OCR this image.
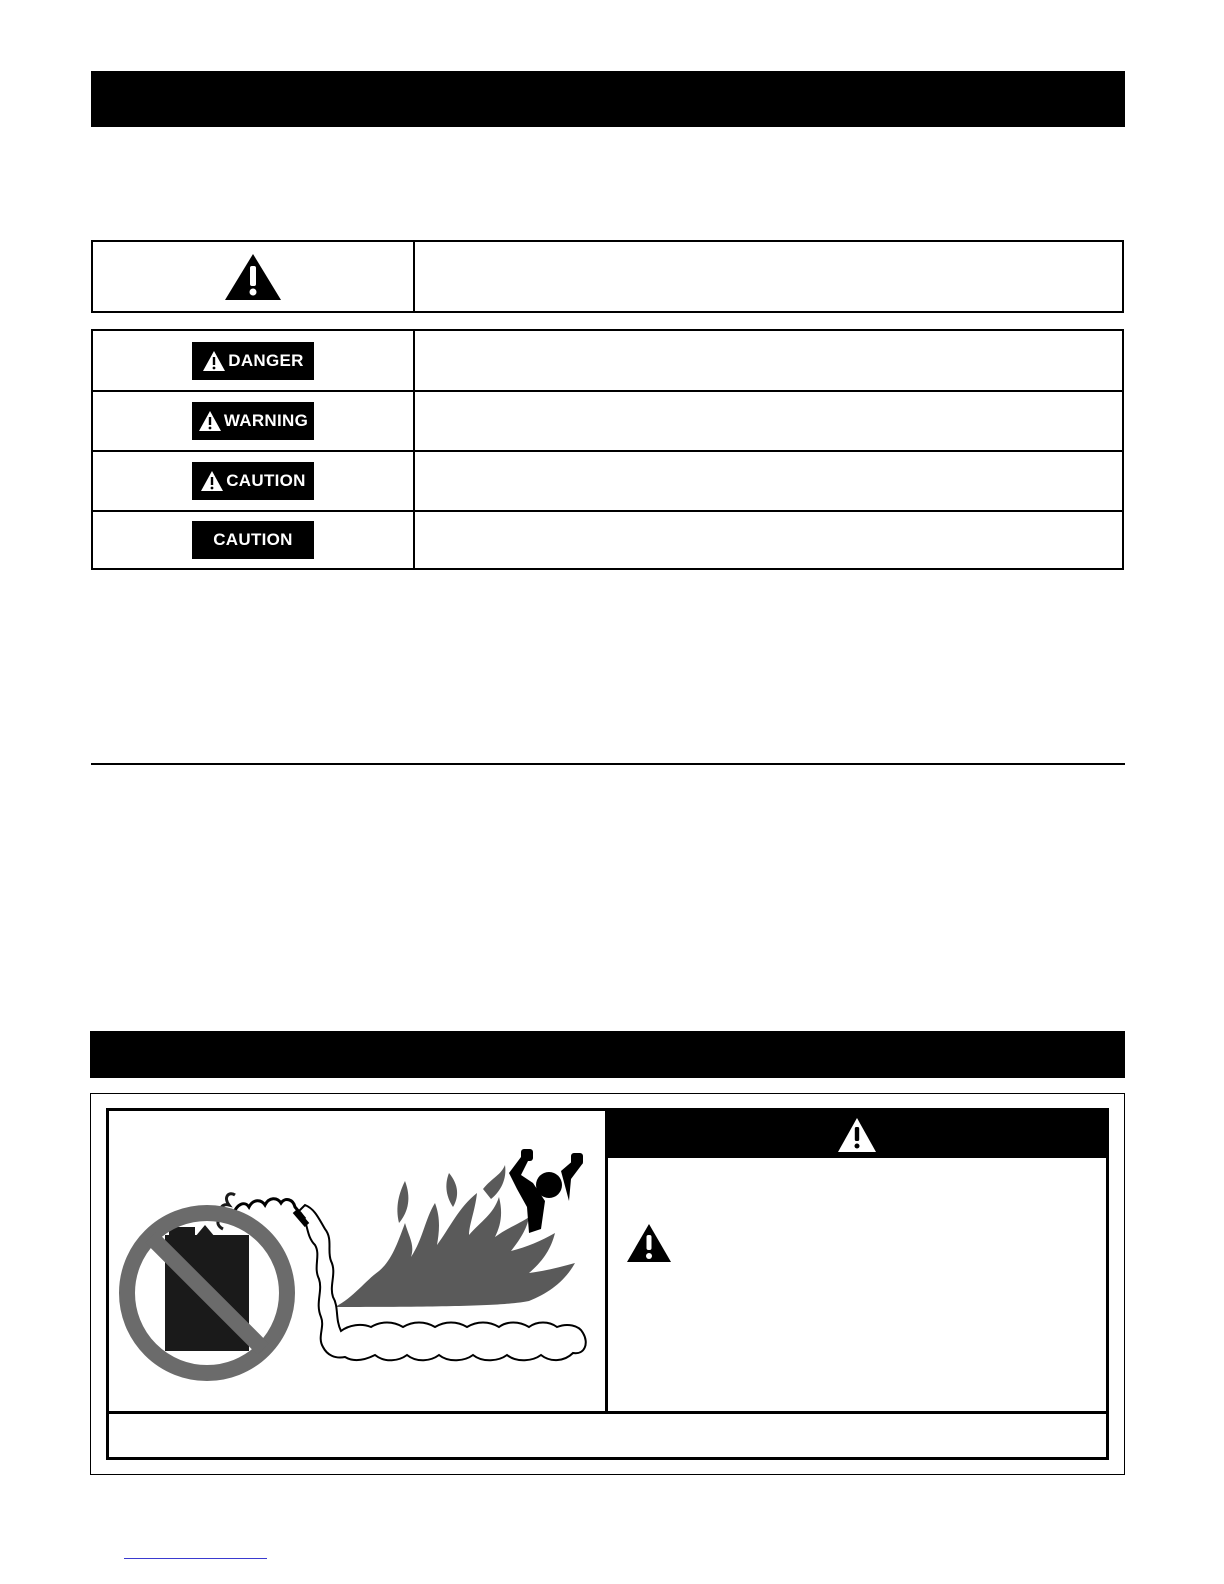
DANGER
WARNING
CAUTION
CAUTION
